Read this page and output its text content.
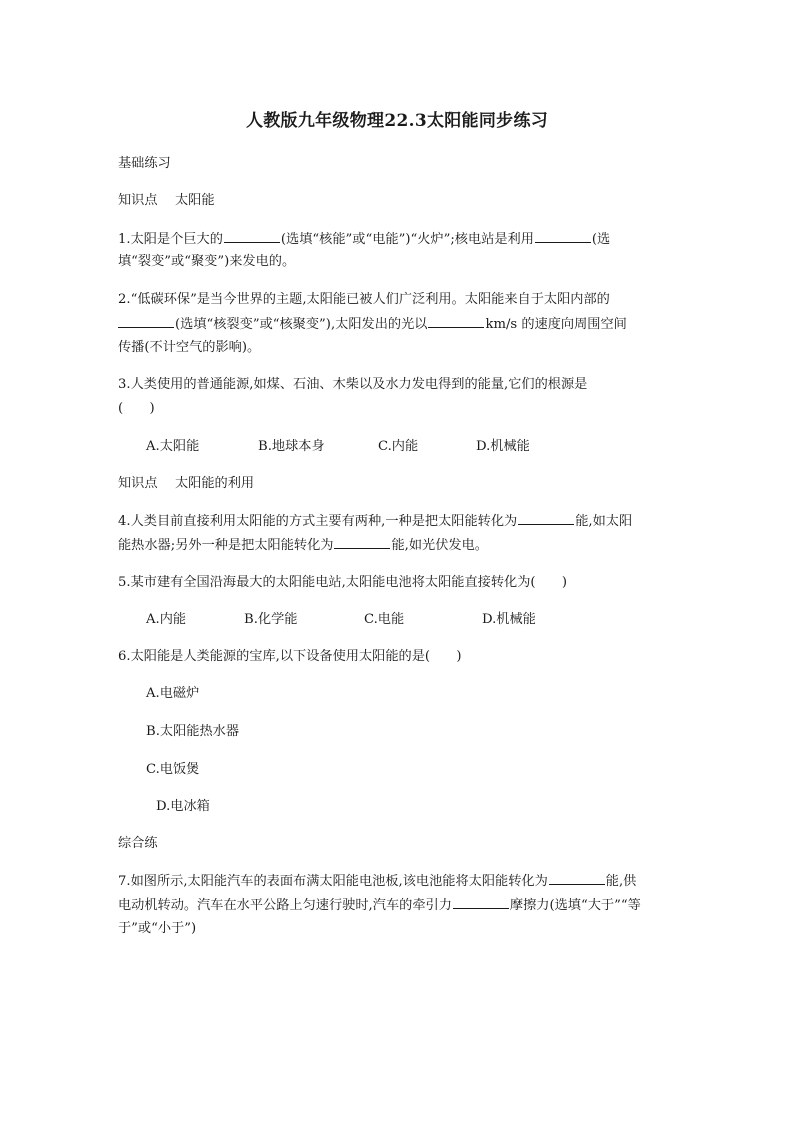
人教版九年级物理22.3太阳能同步练习
基础练习
知识点　 太阳能
1.太阳是个巨大的	(选填“核能”或“电能”)“火炉”;核电站是利用	(选
填“裂变”或“聚变”)来发电的。
2.“低碳环保”是当今世界的主题,太阳能已被人们广泛利用。太阳能来自于太阳内部的
(选填“核裂变”或“核聚变”),太阳发出的光以	km/s 的速度向周围空间
传播(不计空气的影响)。
3.人类使用的普通能源,如煤、石油、木柴以及水力发电得到的能量,它们的根源是
(　　)
A.太阳能	B.地球本身	C.内能	D.机械能
知识点　 太阳能的利用
4.人类目前直接利用太阳能的方式主要有两种,一种是把太阳能转化为	能,如太阳
能热水器;另外一种是把太阳能转化为	能,如光伏发电。
5.某市建有全国沿海最大的太阳能电站,太阳能电池将太阳能直接转化为(　　)
A.内能	B.化学能	C.电能	D.机械能
6.太阳能是人类能源的宝库,以下设备使用太阳能的是(　　)
A.电磁炉
B.太阳能热水器
C.电饭煲
D.电冰箱
综合练
7.如图所示,太阳能汽车的表面布满太阳能电池板,该电池能将太阳能转化为	能,供
电动机转动。汽车在水平公路上匀速行驶时,汽车的牵引力	摩擦力(选填“大于”“等
于”或“小于”)
